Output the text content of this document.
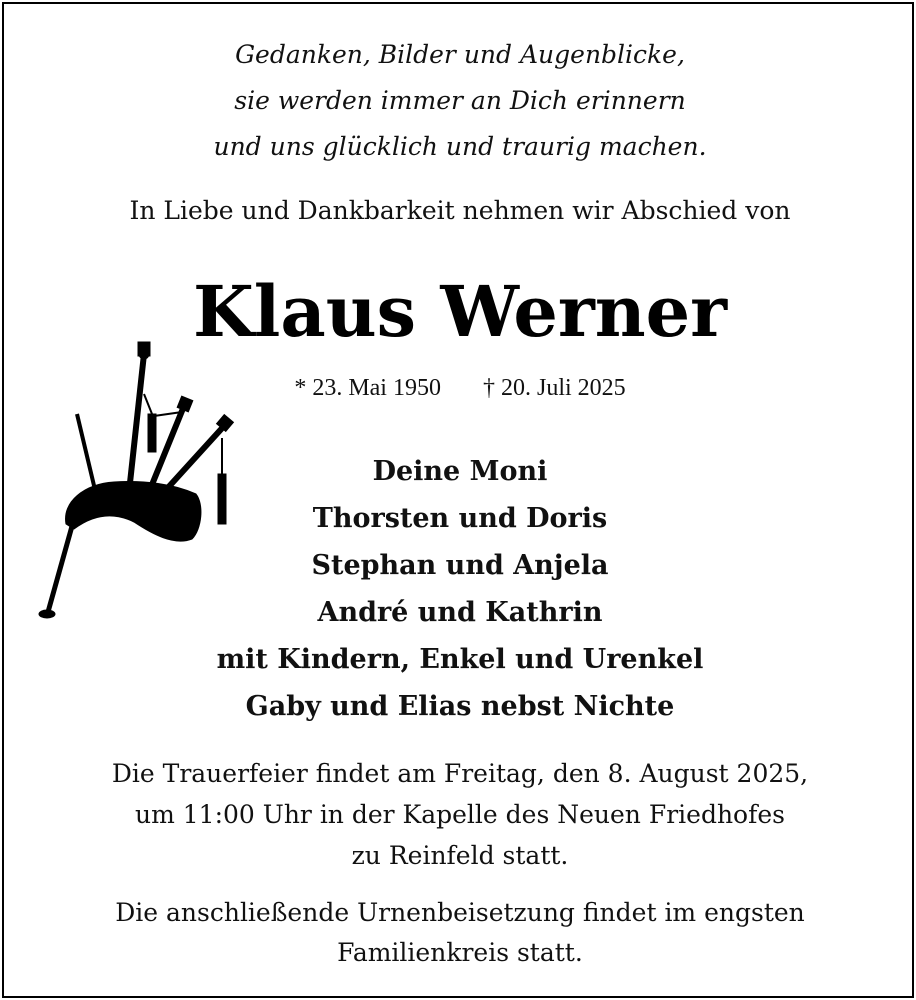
Gedanken, Bilder und Augenblicke,
sie werden immer an Dich erinnern
und uns glücklich und traurig machen.
In Liebe und Dankbarkeit nehmen wir Abschied von
Klaus Werner
* 23. Mai 1950 † 20. Juli 2025
Deine Moni
Thorsten und Doris
Stephan und Anjela
André und Kathrin
mit Kindern, Enkel und Urenkel
Gaby und Elias nebst Nichte
Die Trauerfeier findet am Freitag, den 8. August 2025,
um 11:00 Uhr in der Kapelle des Neuen Friedhofes
zu Reinfeld statt.
Die anschließende Urnenbeisetzung findet im engsten
Familienkreis statt.
